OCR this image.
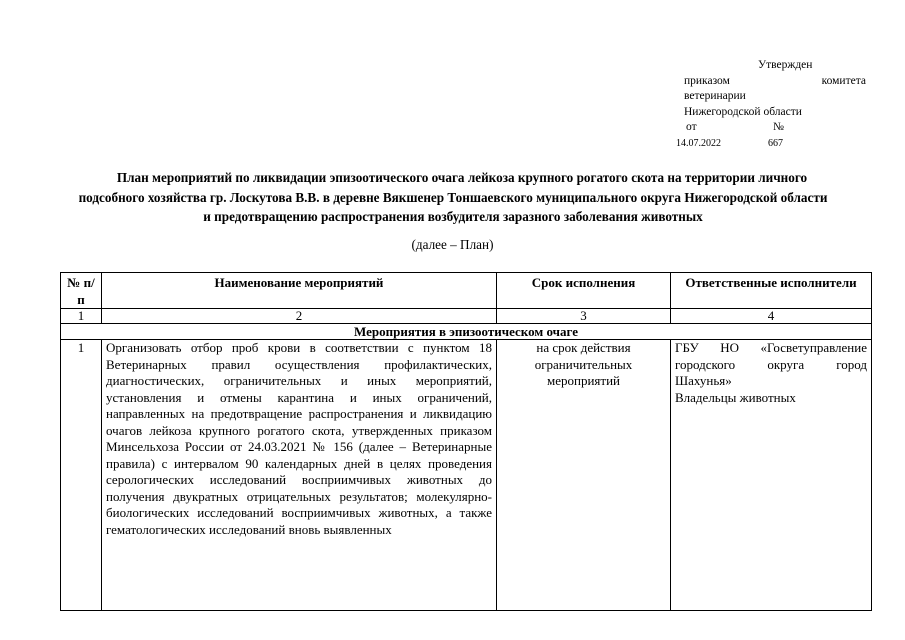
Утвержден
приказом	комитета
ветеринарии
Нижегородской области
от	№
14.07.2022	667
План мероприятий по ликвидации эпизоотического очага лейкоза крупного рогатого скота на территории личного подсобного хозяйства гр. Лоскутова В.В. в деревне Вякшенер Тоншаевского муниципального округа Нижегородской области и предотвращению распространения возбудителя заразного заболевания животных
(далее – План)
№ п/п	Наименование мероприятий	Срок исполнения	Ответственные исполнители
1	2	3	4
Мероприятия в эпизоотическом очаге			
1	Организовать отбор проб крови в соответствии с пунктом 18 Ветеринарных правил осуществления профилактических, диагностических, ограничительных и иных мероприятий, установления и отмены карантина и иных ограничений, направленных на предотвращение распространения и ликвидацию очагов лейкоза крупного рогатого скота, утвержденных приказом Минсельхоза России от 24.03.2021 № 156 (далее – Ветеринарные правила) с интервалом 90 календарных дней в целях проведения серологических исследований восприимчивых животных до получения двукратных отрицательных результатов; молекулярно-биологических исследований восприимчивых животных, а также гематологических исследований вновь выявленных	на срок действия ограничительных мероприятий	ГБУ НО «Госветуправление городского округа город Шахунья»
Владельцы животных
